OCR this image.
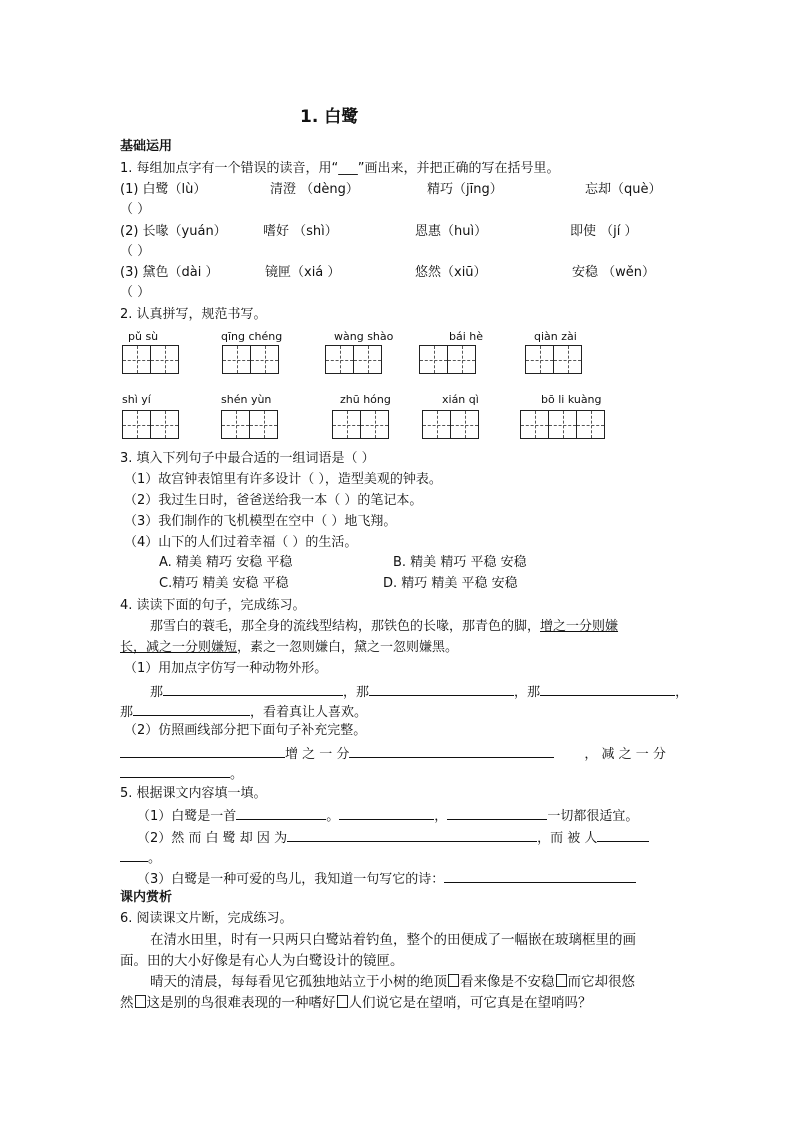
1. 白鹭
基础运用
1. 每组加点字有一个错误的读音，用“___”画出来，并把正确的写在括号里。
(1) 白鹭（lù）	清澄 （dèng）	精巧（jīng）	忘却（què）
（ ）
(2) 长喙（yuán）	嗜好 （shì）	恩惠（huì）	即使 （jí ）
（ ）
(3) 黛色（dài ）	镜匣（xiá ）	悠然（xiū）	安稳 （wěn）
（ ）
2. 认真拼写，规范书写。
pǔ sù	qīng chéng	wàng shào	bái hè	qiàn zài
shì yí	shén yùn	zhū hóng	xián qì	bō li kuàng
3. 填入下列句子中最合适的一组词语是（ ）
（1）故宫钟表馆里有许多设计（ ），造型美观的钟表。
（2）我过生日时，爸爸送给我一本（ ）的笔记本。
（3）我们制作的飞机模型在空中（ ）地飞翔。
（4）山下的人们过着幸福（ ）的生活。
A. 精美 精巧 安稳 平稳	B. 精美 精巧 平稳 安稳
C.精巧 精美 安稳 平稳	D. 精巧 精美 平稳 安稳
4. 读读下面的句子，完成练习。
那雪白的蓑毛，那全身的流线型结构，那铁色的长喙，那青色的脚，增之一分则嫌
长，减之一分则嫌短，素之一忽则嫌白，黛之一忽则嫌黑。
（1）用加点字仿写一种动物外形。
那	，那	，那	，
那	，看着真让人喜欢。
（2）仿照画线部分把下面句子补充完整。
增 之 一 分	， 减 之 一 分
。
5. 根据课文内容填一填。
（1）白鹭是一首	。	，	一切都很适宜。
（2）然 而 白 鹭 却 因 为	，而 被 人
。
（3）白鹭是一种可爱的鸟儿，我知道一句写它的诗：
课内赏析
6. 阅读课文片断，完成练习。
在清水田里，时有一只两只白鹭站着钓鱼，整个的田便成了一幅嵌在玻璃框里的画
面。田的大小好像是有心人为白鹭设计的镜匣。
晴天的清晨，每每看见它孤独地站立于小树的绝顶 看来像是不安稳 而它却很悠
然 这是别的鸟很难表现的一种嗜好 人们说它是在望哨，可它真是在望哨吗？
